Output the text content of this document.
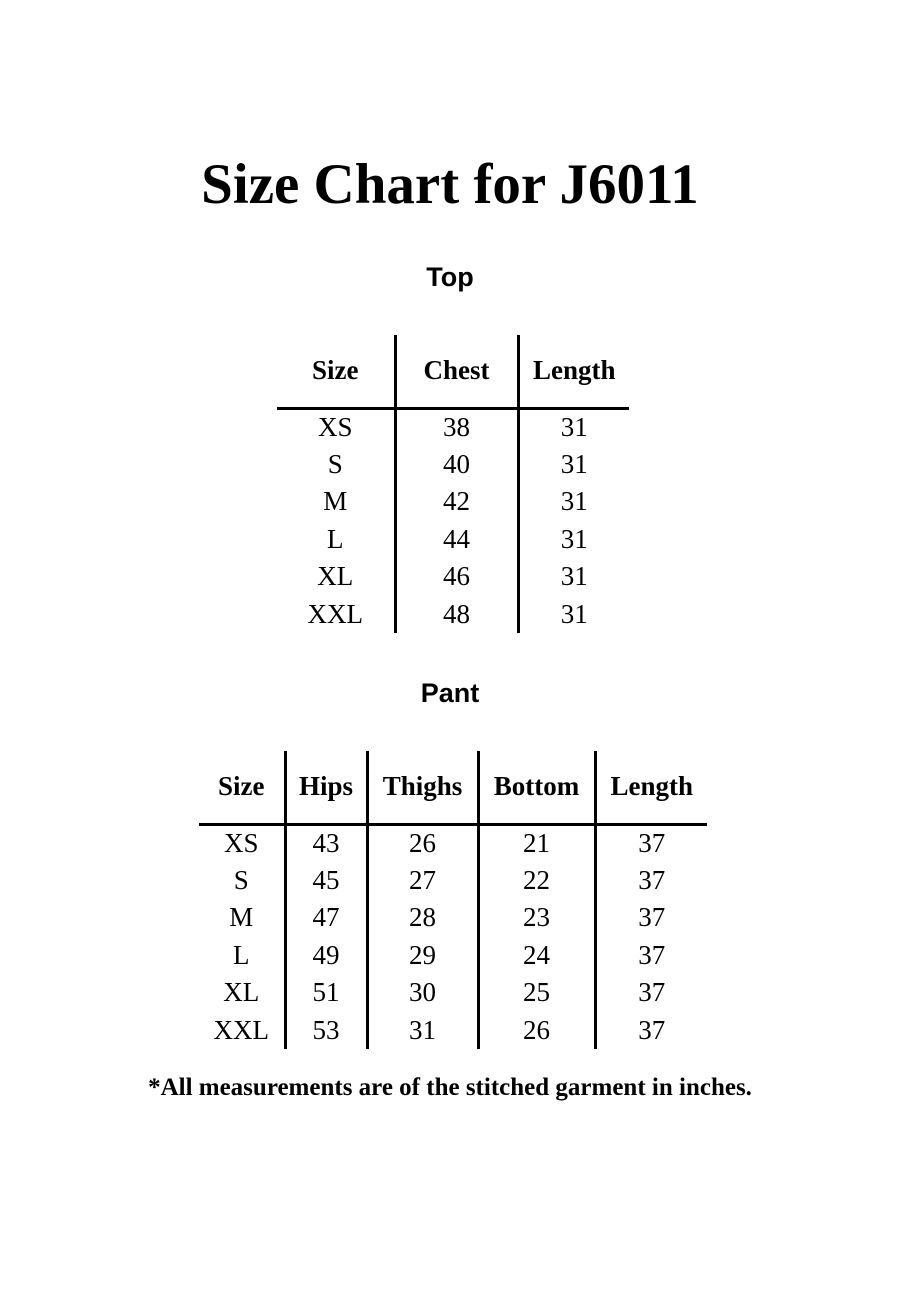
Size Chart for J6011
Top
Size	Chest	Length
XS	38	31
S	40	31
M	42	31
L	44	31
XL	46	31
XXL	48	31
Pant
Size	Hips	Thighs	Bottom	Length
XS	43	26	21	37
S	45	27	22	37
M	47	28	23	37
L	49	29	24	37
XL	51	30	25	37
XXL	53	31	26	37

*All measurements are of the stitched garment in inches.
